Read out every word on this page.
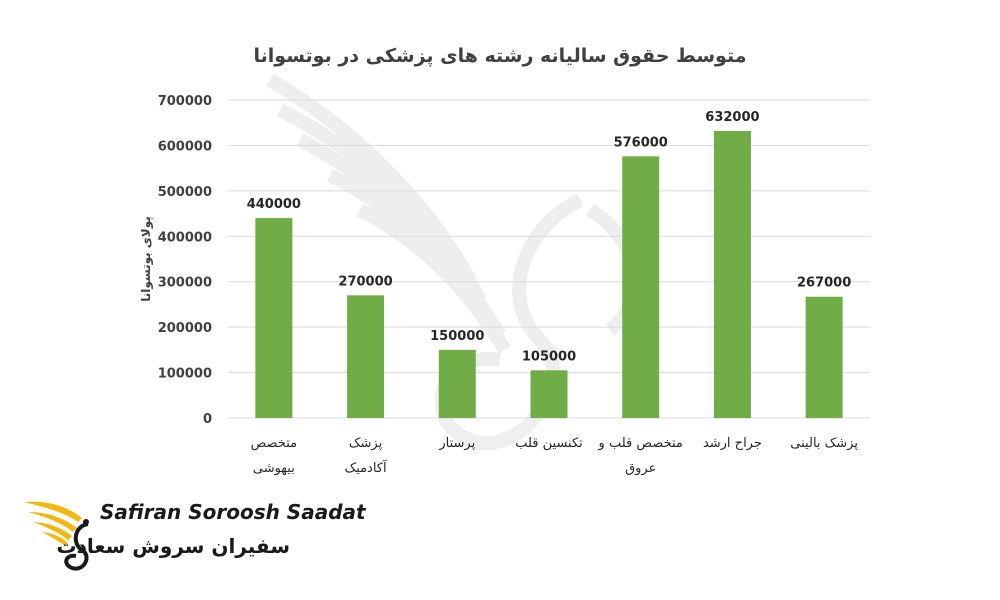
متوسط حقوق سالیانه رشته های پزشکی در بوتسوانا
0
100000
200000
300000
400000
500000
600000
700000
پولای بوتسوانا
440000
متخصص
بیهوشی
270000
پزشک
آکادمیک
150000
پرستار
105000
تکنسین قلب
576000
متخصص قلب و
عروق
632000
جراح ارشد
267000
پزشک بالینی
Safiran Soroosh Saadat
سفیران سروش سعادت
